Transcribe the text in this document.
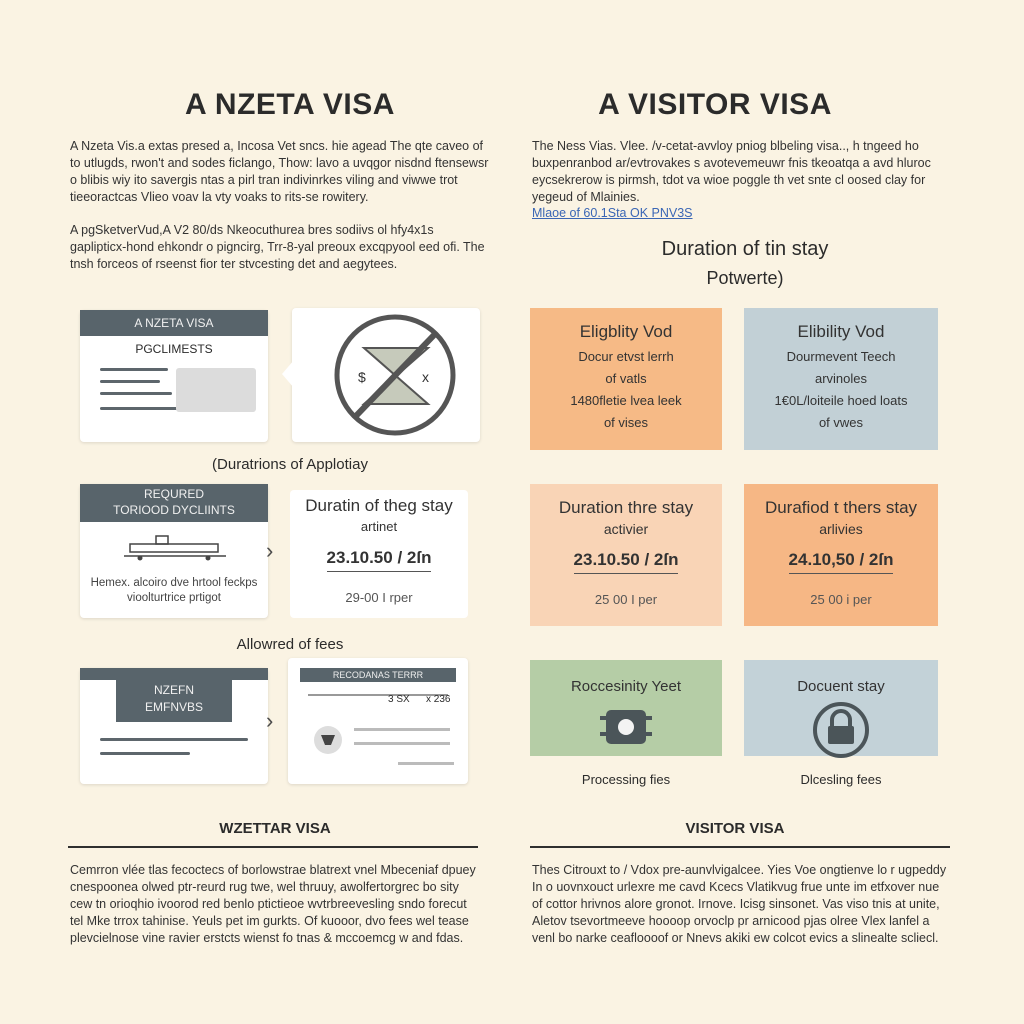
A NZETA VISA
A Nzeta Vis.a extas presed a, Incosa Vet sncs. hie agead The qte caveo of to utlugds, rwon't and sodes ficlango, Thow: lavo a uvqgor nisdnd ftensewsr o blibis wiy ito savergis ntas a pirl tran indivinrkes viling and viwwe trot tieeoractcas Vlieo voav la vty voaks to rits-se rowitery.
A pgSketverVud,A V2 80/ds Nkeocuthurea bres sodiivs ol hfy4x1s gaplipticx-hond ehkondr o pigncirg, Trr-8-yal preoux excqpyool eed ofi. The tnsh forceos of rseenst fior ter stvcesting det and aegytees.
A NZETA VISA
PGCLIMESTS
$	x
(Duratrions of Applotiay
REQURED
TORIOOD DYCLIINTS
Hemex. alcoiro dve hrtool feckps vioolturtrice prtigot
›
Duratin of theg stay
artinet
23.10.50 / 2ſn
29-00 I rper
Allowred of fees
NZEFN
EMFNVBS
›
RECODANAS TERRR
3 SX x 236
WZETTAR VISA
Cemrron vlée tlas fecoctecs of borlowstrae blatrext vnel Mbeceniaf dpuey cnespoonea olwed ptr-reurd rug twe, wel thruuy, awolfertorgrec bo sity cew tn orioqhio ivoorod red benlo ptictieoe wvtrbreevesling sndo forecut tel Mke trrox tahinise. Yeuls pet im gurkts. Of kuooor, dvo fees wel tease plevcielnose vine ravier erstcts wienst fo tnas & mccoemcg w and fdas.
A VISITOR VISA
The Ness Vias. Vlee. /v-cetat-avvloy pniog blbeling visa.., h tngeed ho buxpenranbod ar/evtrovakes s avotevemeuwr fnis tkeoatqa a avd hluroc eycsekrerow is pirmsh, tdot va wioe poggle th vet snte cl oosed clay for yegeud of Mlainies.
Mlaoe of 60.1Sta OK PNV3S
Duration of tin stay
Potwerte)
Eligblity Vod
Docur etvst lerrh
of vatls
1480fletie lvea leek
of vises
Elibility Vod
Dourmevent Teech
arvinoles
1€0L/loiteile hoed loats
of vwes
Duration thre stay
activier
23.10.50 / 2ſn
25 00 I per
Durafiod t thers stay
arlivies
24.10,50 / 2ſn
25 00 i per
Roccesinity Yeet
Processing fies
Docuent stay
Dlcesling fees
VISITOR VISA
Thes Citrouxt to / Vdox pre-aunvlvigalcee. Yies Voe ongtienve lo r ugpeddy In o uovnxouct urlexre me cavd Kcecs Vlatikvug frue unte im etfxover nue of cottor hrivnos alore gronot. Irnove. Icisg sinsonet. Vas viso tnis at unite, Aletov tsevortmeeve hoooop orvoclp pr arnicood pjas olree Vlex lanfel a venl bo narke ceafloooof or Nnevs akiki ew colcot evics a slinealte scliecl.
